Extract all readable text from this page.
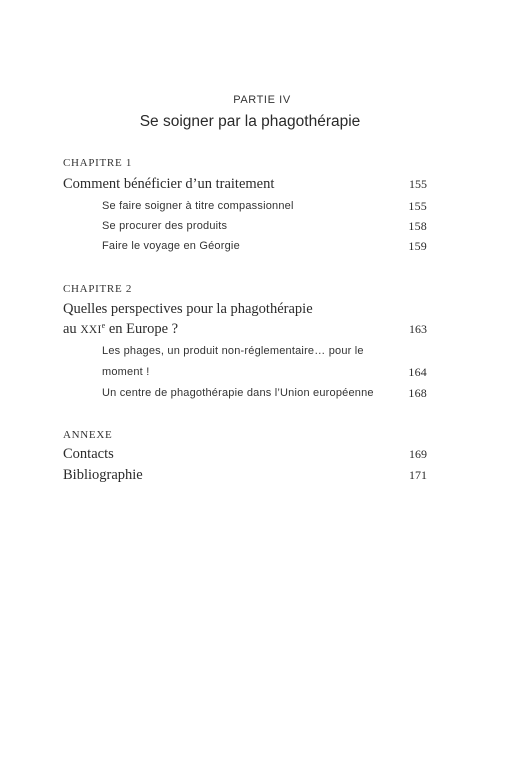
PARTIE IV
Se soigner par la phagothérapie
CHAPITRE 1
Comment bénéficier d’un traitement	155
Se faire soigner à titre compassionnel	155
Se procurer des produits	158
Faire le voyage en Géorgie	159
CHAPITRE 2
Quelles perspectives pour la phagothérapie
au XXIe en Europe ?	163
Les phages, un produit non-réglementaire… pour le
moment !	164
Un centre de phagothérapie dans l’Union européenne	168
ANNEXE
Contacts	169
Bibliographie	171
